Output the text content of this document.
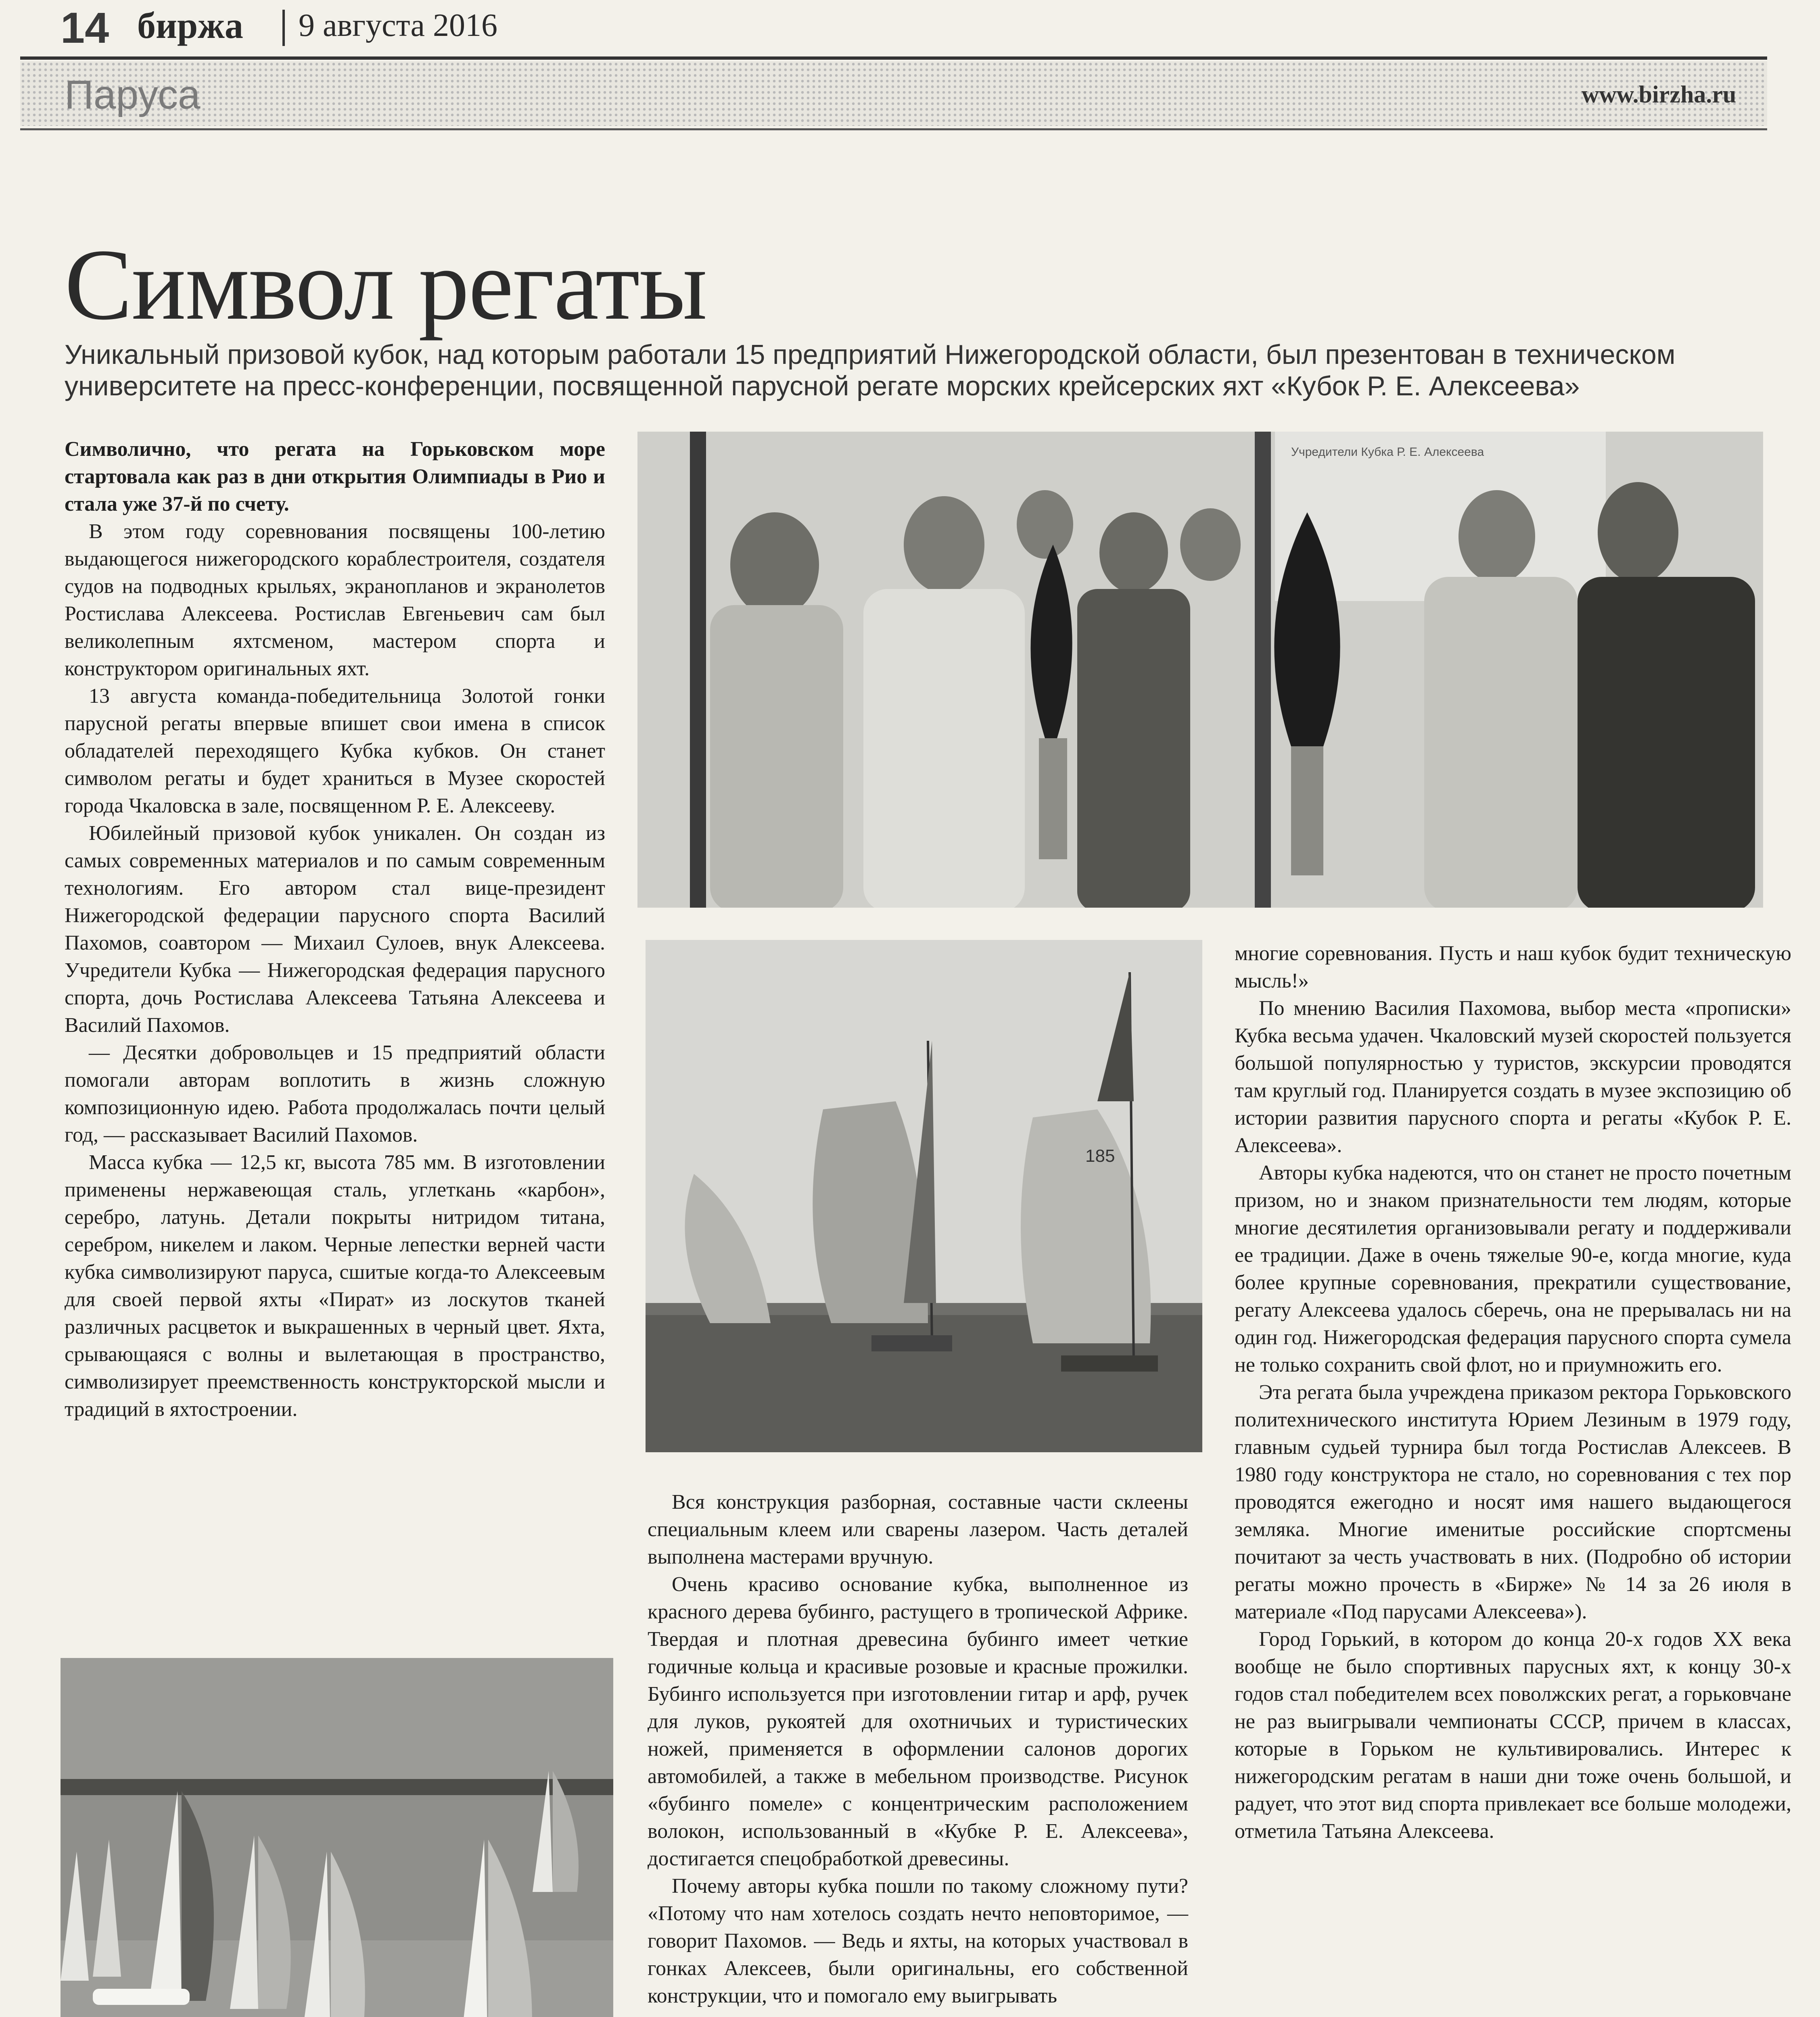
14 биржа 9 августа 2016
Паруса	www.birzha.ru
Символ регаты
Уникальный призовой кубок, над которым работали 15 предприятий Нижегородской области, был презентован в техническом университете на пресс-конференции, посвященной парусной регате морских крейсерских яхт «Кубок Р. Е. Алексеева»

Символично, что регата на Горьковском море стартовала как раз в дни открытия Олимпиады в Рио и стала уже 37-й по счету.

В этом году соревнования посвящены 100-летию выдающегося нижегородского кораблестроителя, создателя судов на подводных крыльях, экранопланов и экранолетов Ростислава Алексеева. Ростислав Евгеньевич сам был великолепным яхтсменом, мастером спорта и конструктором оригинальных яхт.

13 августа команда-победительница Золотой гонки парусной регаты впервые впишет свои имена в список обладателей переходящего Кубка кубков. Он станет символом регаты и будет храниться в Музее скоростей города Чкаловска в зале, посвященном Р. Е. Алексееву.

Юбилейный призовой кубок уникален. Он создан из самых современных материалов и по самым современным технологиям. Его автором стал вице-президент Нижегородской федерации парусного спорта Василий Пахомов, соавтором — Михаил Сулоев, внук Алексеева. Учредители Кубка — Нижегородская федерация парусного спорта, дочь Ростислава Алексеева Татьяна Алексеева и Василий Пахомов.

— Десятки добровольцев и 15 предприятий области помогали авторам воплотить в жизнь сложную композиционную идею. Работа продолжалась почти целый год, — рассказывает Василий Пахомов.

Масса кубка — 12,5 кг, высота 785 мм. В изготовлении применены нержавеющая сталь, углеткань «карбон», серебро, латунь. Детали покрыты нитридом титана, серебром, никелем и лаком. Черные лепестки верней части кубка символизируют паруса, сшитые когда-то Алексеевым для своей первой яхты «Пират» из лоскутов тканей различных расцветок и выкрашенных в черный цвет. Яхта, срывающаяся с волны и вылетающая в пространство, символизирует преемственность конструкторской мысли и традиций в яхтостроении.

Учредители Кубка Р. Е. Алексеева
185

Вся конструкция разборная, составные части склеены специальным клеем или сварены лазером. Часть деталей выполнена мастерами вручную.

Очень красиво основание кубка, выполненное из красного дерева бубинго, растущего в тропической Африке. Твердая и плотная древесина бубинго имеет четкие годичные кольца и красивые розовые и красные прожилки. Бубинго используется при изготовлении гитар и арф, ручек для луков, рукоятей для охотничьих и туристических ножей, применяется в оформлении салонов дорогих автомобилей, а также в мебельном производстве. Рисунок «бубинго помеле» с концентрическим расположением волокон, использованный в «Кубке Р. Е. Алексеева», достигается спецобработкой древесины.

Почему авторы кубка пошли по такому сложному пути? «Потому что нам хотелось создать нечто неповторимое, — говорит Пахомов. — Ведь и яхты, на которых участвовал в гонках Алексеев, были оригинальны, его собственной конструкции, что и помогало ему выигрывать

многие соревнования. Пусть и наш кубок будит техническую мысль!»

По мнению Василия Пахомова, выбор места «прописки» Кубка весьма удачен. Чкаловский музей скоростей пользуется большой популярностью у туристов, экскурсии проводятся там круглый год. Планируется создать в музее экспозицию об истории развития парусного спорта и регаты «Кубок Р. Е. Алексеева».

Авторы кубка надеются, что он станет не просто почетным призом, но и знаком признательности тем людям, которые многие десятилетия организовывали регату и поддерживали ее традиции. Даже в очень тяжелые 90-е, когда многие, куда более крупные соревнования, прекратили существование, регату Алексеева удалось сберечь, она не прерывалась ни на один год. Нижегородская федерация парусного спорта сумела не только сохранить свой флот, но и приумножить его.

Эта регата была учреждена приказом ректора Горьковского политехнического института Юрием Лезиным в 1979 году, главным судьей турнира был тогда Ростислав Алексеев. В 1980 году конструктора не стало, но соревнования с тех пор проводятся ежегодно и носят имя нашего выдающегося земляка. Многие именитые российские спортсмены почитают за честь участвовать в них. (Подробно об истории регаты можно прочесть в «Бирже» № 14 за 26 июля в материале «Под парусами Алексеева»).

Город Горький, в котором до конца 20-х годов XX века вообще не было спортивных парусных яхт, к концу 30-х годов стал победителем всех поволжских регат, а горьковчане не раз выигрывали чемпионаты СССР, причем в классах, которые в Горьком не культивировались. Интерес к нижегородским регатам в наши дни тоже очень большой, и радует, что этот вид спорта привлекает все больше молодежи, отметила Татьяна Алексеева.
